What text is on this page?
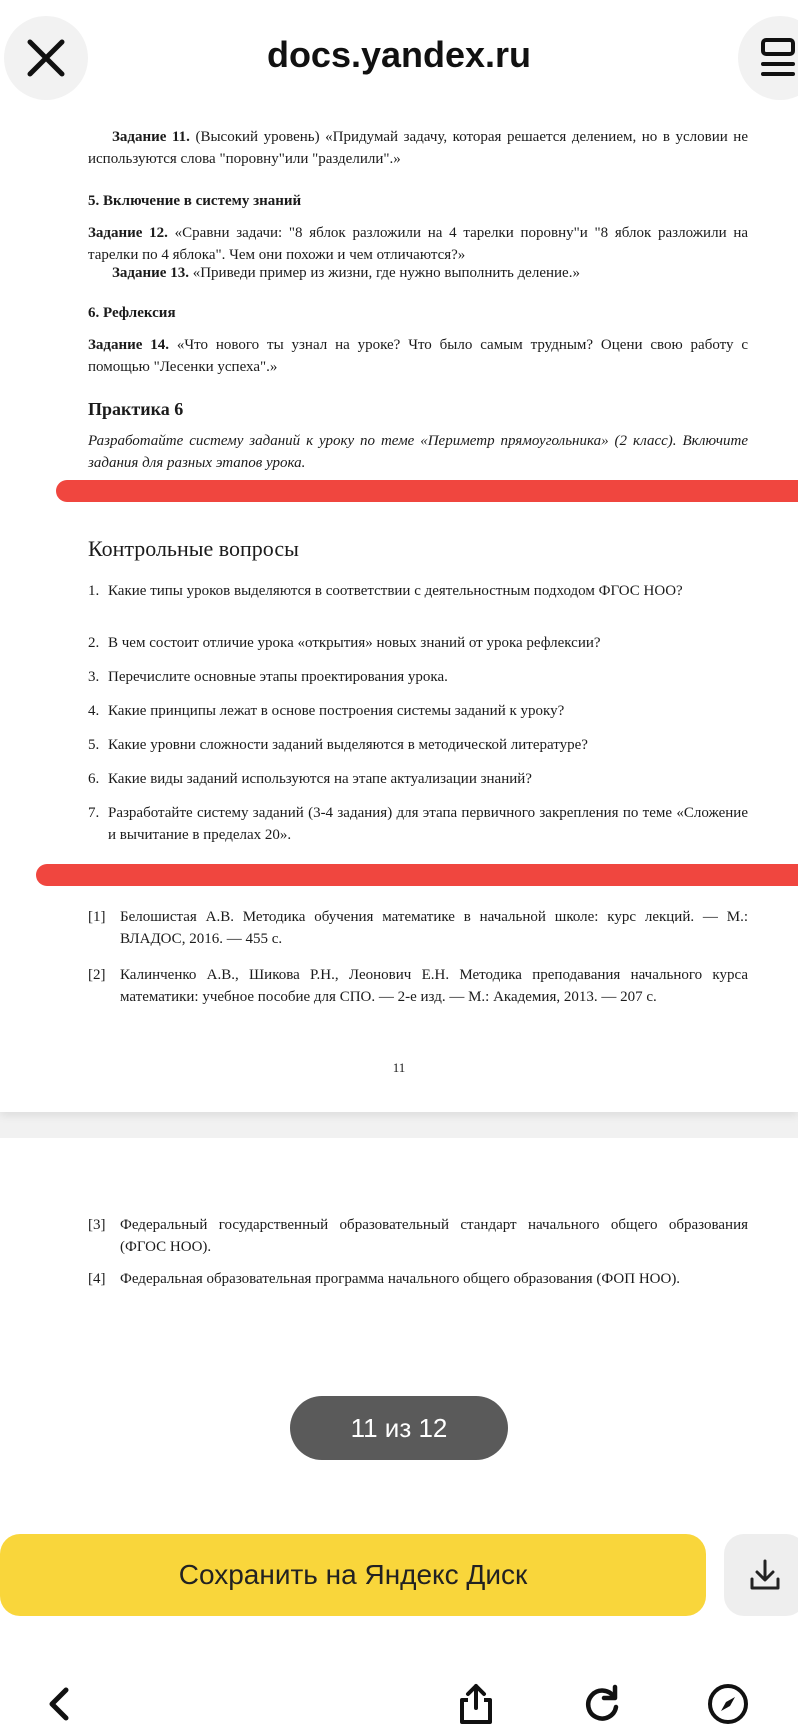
docs.yandex.ru
Задание 11. (Высокий уровень) «Придумай задачу, которая решается делением, но в условии не используются слова "поровну"или "разделили".»
5. Включение в систему знаний
Задание 12. «Сравни задачи: "8 яблок разложили на 4 тарелки поровну"и "8 яблок разложили на тарелки по 4 яблока". Чем они похожи и чем отличаются?»
Задание 13. «Приведи пример из жизни, где нужно выполнить деление.»
6. Рефлексия
Задание 14. «Что нового ты узнал на уроке? Что было самым трудным? Оцени свою работу с помощью "Лесенки успеха".»
Практика 6
Разработайте систему заданий к уроку по теме «Периметр прямоугольника» (2 класс). Включите задания для разных этапов урока.
Контрольные вопросы
1. Какие типы уроков выделяются в соответствии с деятельностным подходом ФГОС НОО?
2. В чем состоит отличие урока «открытия» новых знаний от урока рефлексии?
3. Перечислите основные этапы проектирования урока.
4. Какие принципы лежат в основе построения системы заданий к уроку?
5. Какие уровни сложности заданий выделяются в методической литературе?
6. Какие виды заданий используются на этапе актуализации знаний?
7. Разработайте систему заданий (3-4 задания) для этапа первичного закрепления по теме «Сложение и вычитание в пределах 20».
[1] Белошистая А.В. Методика обучения математике в начальной школе: курс лекций. — М.: ВЛАДОС, 2016. — 455 с.
[2] Калинченко А.В., Шикова Р.Н., Леонович Е.Н. Методика преподавания начального курса математики: учебное пособие для СПО. — 2-е изд. — М.: Академия, 2013. — 207 с.
11
[3] Федеральный государственный образовательный стандарт начального общего образования (ФГОС НОО).
[4] Федеральная образовательная программа начального общего образования (ФОП НОО).
11 из 12
Сохранить на Яндекс Диск
